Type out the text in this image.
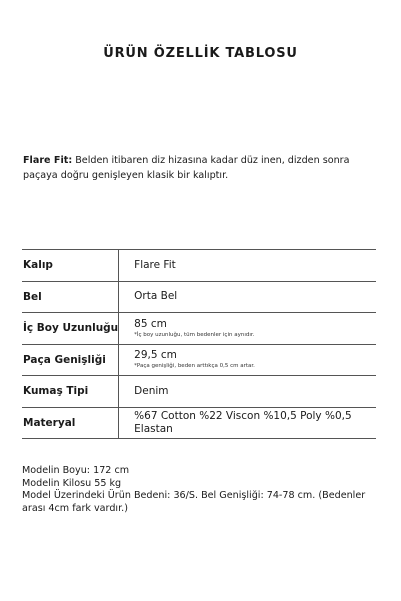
ÜRÜN ÖZELLİK TABLOSU
Flare Fit: Belden itibaren diz hizasına kadar düz inen, dizden sonra paçaya doğru genişleyen klasik bir kalıptır.
Kalıp	Flare Fit

Bel	Orta Bel

İç Boy Uzunluğu	85 cm
*İç boy uzunluğu, tüm bedenler için aynıdır.

Paça Genişliği	29,5 cm
*Paça genişliği, beden arttıkça 0,5 cm artar.

Kumaş Tipi	Denim

Materyal	%67 Cotton %22 Viscon %10,5 Poly %0,5 Elastan
Modelin Boyu: 172 cm
Modelin Kilosu 55 kg
Model Üzerindeki Ürün Bedeni: 36/S. Bel Genişliği: 74-78 cm. (Bedenler arası 4cm fark vardır.)
